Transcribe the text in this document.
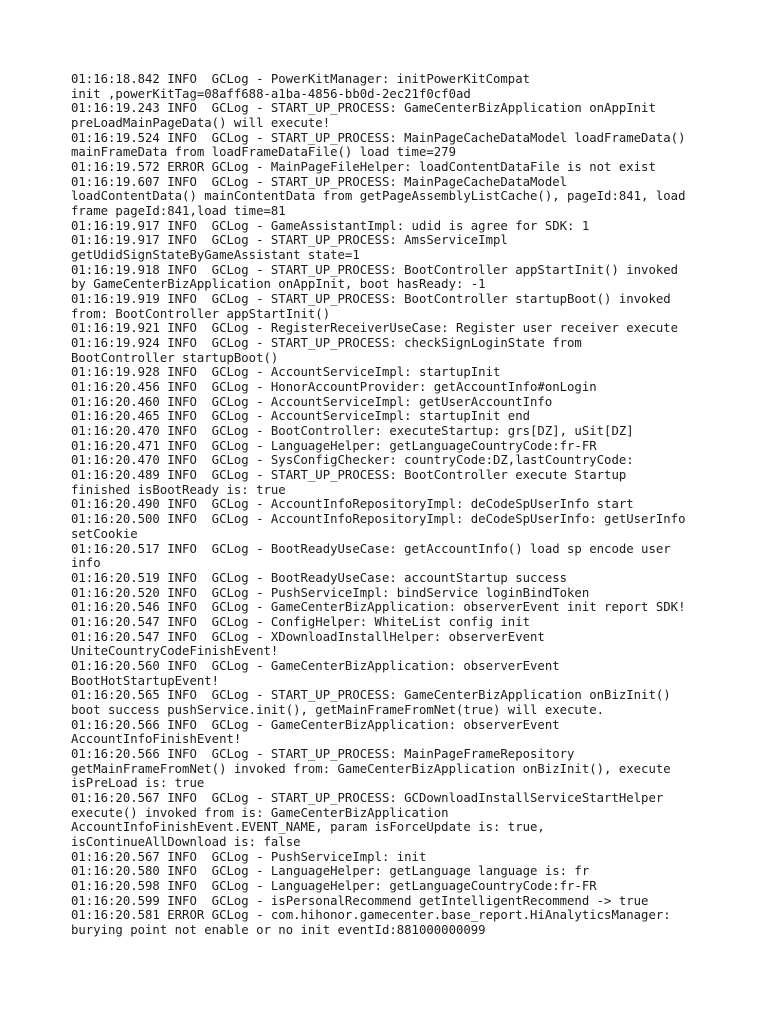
01:16:18.842 INFO  GCLog - PowerKitManager: initPowerKitCompat
init ,powerKitTag=08aff688-a1ba-4856-bb0d-2ec21f0cf0ad
01:16:19.243 INFO  GCLog - START_UP_PROCESS: GameCenterBizApplication onAppInit
preLoadMainPageData() will execute!
01:16:19.524 INFO  GCLog - START_UP_PROCESS: MainPageCacheDataModel loadFrameData()
mainFrameData from loadFrameDataFile() load time=279
01:16:19.572 ERROR GCLog - MainPageFileHelper: loadContentDataFile is not exist
01:16:19.607 INFO  GCLog - START_UP_PROCESS: MainPageCacheDataModel
loadContentData() mainContentData from getPageAssemblyListCache(), pageId:841, load
frame pageId:841,load time=81
01:16:19.917 INFO  GCLog - GameAssistantImpl: udid is agree for SDK: 1
01:16:19.917 INFO  GCLog - START_UP_PROCESS: AmsServiceImpl
getUdidSignStateByGameAssistant state=1
01:16:19.918 INFO  GCLog - START_UP_PROCESS: BootController appStartInit() invoked
by GameCenterBizApplication onAppInit, boot hasReady: -1
01:16:19.919 INFO  GCLog - START_UP_PROCESS: BootController startupBoot() invoked
from: BootController appStartInit()
01:16:19.921 INFO  GCLog - RegisterReceiverUseCase: Register user receiver execute
01:16:19.924 INFO  GCLog - START_UP_PROCESS: checkSignLoginState from
BootController startupBoot()
01:16:19.928 INFO  GCLog - AccountServiceImpl: startupInit
01:16:20.456 INFO  GCLog - HonorAccountProvider: getAccountInfo#onLogin
01:16:20.460 INFO  GCLog - AccountServiceImpl: getUserAccountInfo
01:16:20.465 INFO  GCLog - AccountServiceImpl: startupInit end
01:16:20.470 INFO  GCLog - BootController: executeStartup: grs[DZ], uSit[DZ]
01:16:20.471 INFO  GCLog - LanguageHelper: getLanguageCountryCode:fr-FR
01:16:20.470 INFO  GCLog - SysConfigChecker: countryCode:DZ,lastCountryCode:
01:16:20.489 INFO  GCLog - START_UP_PROCESS: BootController execute Startup
finished isBootReady is: true
01:16:20.490 INFO  GCLog - AccountInfoRepositoryImpl: deCodeSpUserInfo start
01:16:20.500 INFO  GCLog - AccountInfoRepositoryImpl: deCodeSpUserInfo: getUserInfo
setCookie
01:16:20.517 INFO  GCLog - BootReadyUseCase: getAccountInfo() load sp encode user
info
01:16:20.519 INFO  GCLog - BootReadyUseCase: accountStartup success
01:16:20.520 INFO  GCLog - PushServiceImpl: bindService loginBindToken
01:16:20.546 INFO  GCLog - GameCenterBizApplication: observerEvent init report SDK!
01:16:20.547 INFO  GCLog - ConfigHelper: WhiteList config init
01:16:20.547 INFO  GCLog - XDownloadInstallHelper: observerEvent
UniteCountryCodeFinishEvent!
01:16:20.560 INFO  GCLog - GameCenterBizApplication: observerEvent
BootHotStartupEvent!
01:16:20.565 INFO  GCLog - START_UP_PROCESS: GameCenterBizApplication onBizInit()
boot success pushService.init(), getMainFrameFromNet(true) will execute.
01:16:20.566 INFO  GCLog - GameCenterBizApplication: observerEvent
AccountInfoFinishEvent!
01:16:20.566 INFO  GCLog - START_UP_PROCESS: MainPageFrameRepository
getMainFrameFromNet() invoked from: GameCenterBizApplication onBizInit(), execute
isPreLoad is: true
01:16:20.567 INFO  GCLog - START_UP_PROCESS: GCDownloadInstallServiceStartHelper
execute() invoked from is: GameCenterBizApplication
AccountInfoFinishEvent.EVENT_NAME, param isForceUpdate is: true,
isContinueAllDownload is: false
01:16:20.567 INFO  GCLog - PushServiceImpl: init
01:16:20.580 INFO  GCLog - LanguageHelper: getLanguage language is: fr
01:16:20.598 INFO  GCLog - LanguageHelper: getLanguageCountryCode:fr-FR
01:16:20.599 INFO  GCLog - isPersonalRecommend getIntelligentRecommend -> true
01:16:20.581 ERROR GCLog - com.hihonor.gamecenter.base_report.HiAnalyticsManager:
burying point not enable or no init eventId:881000000099
